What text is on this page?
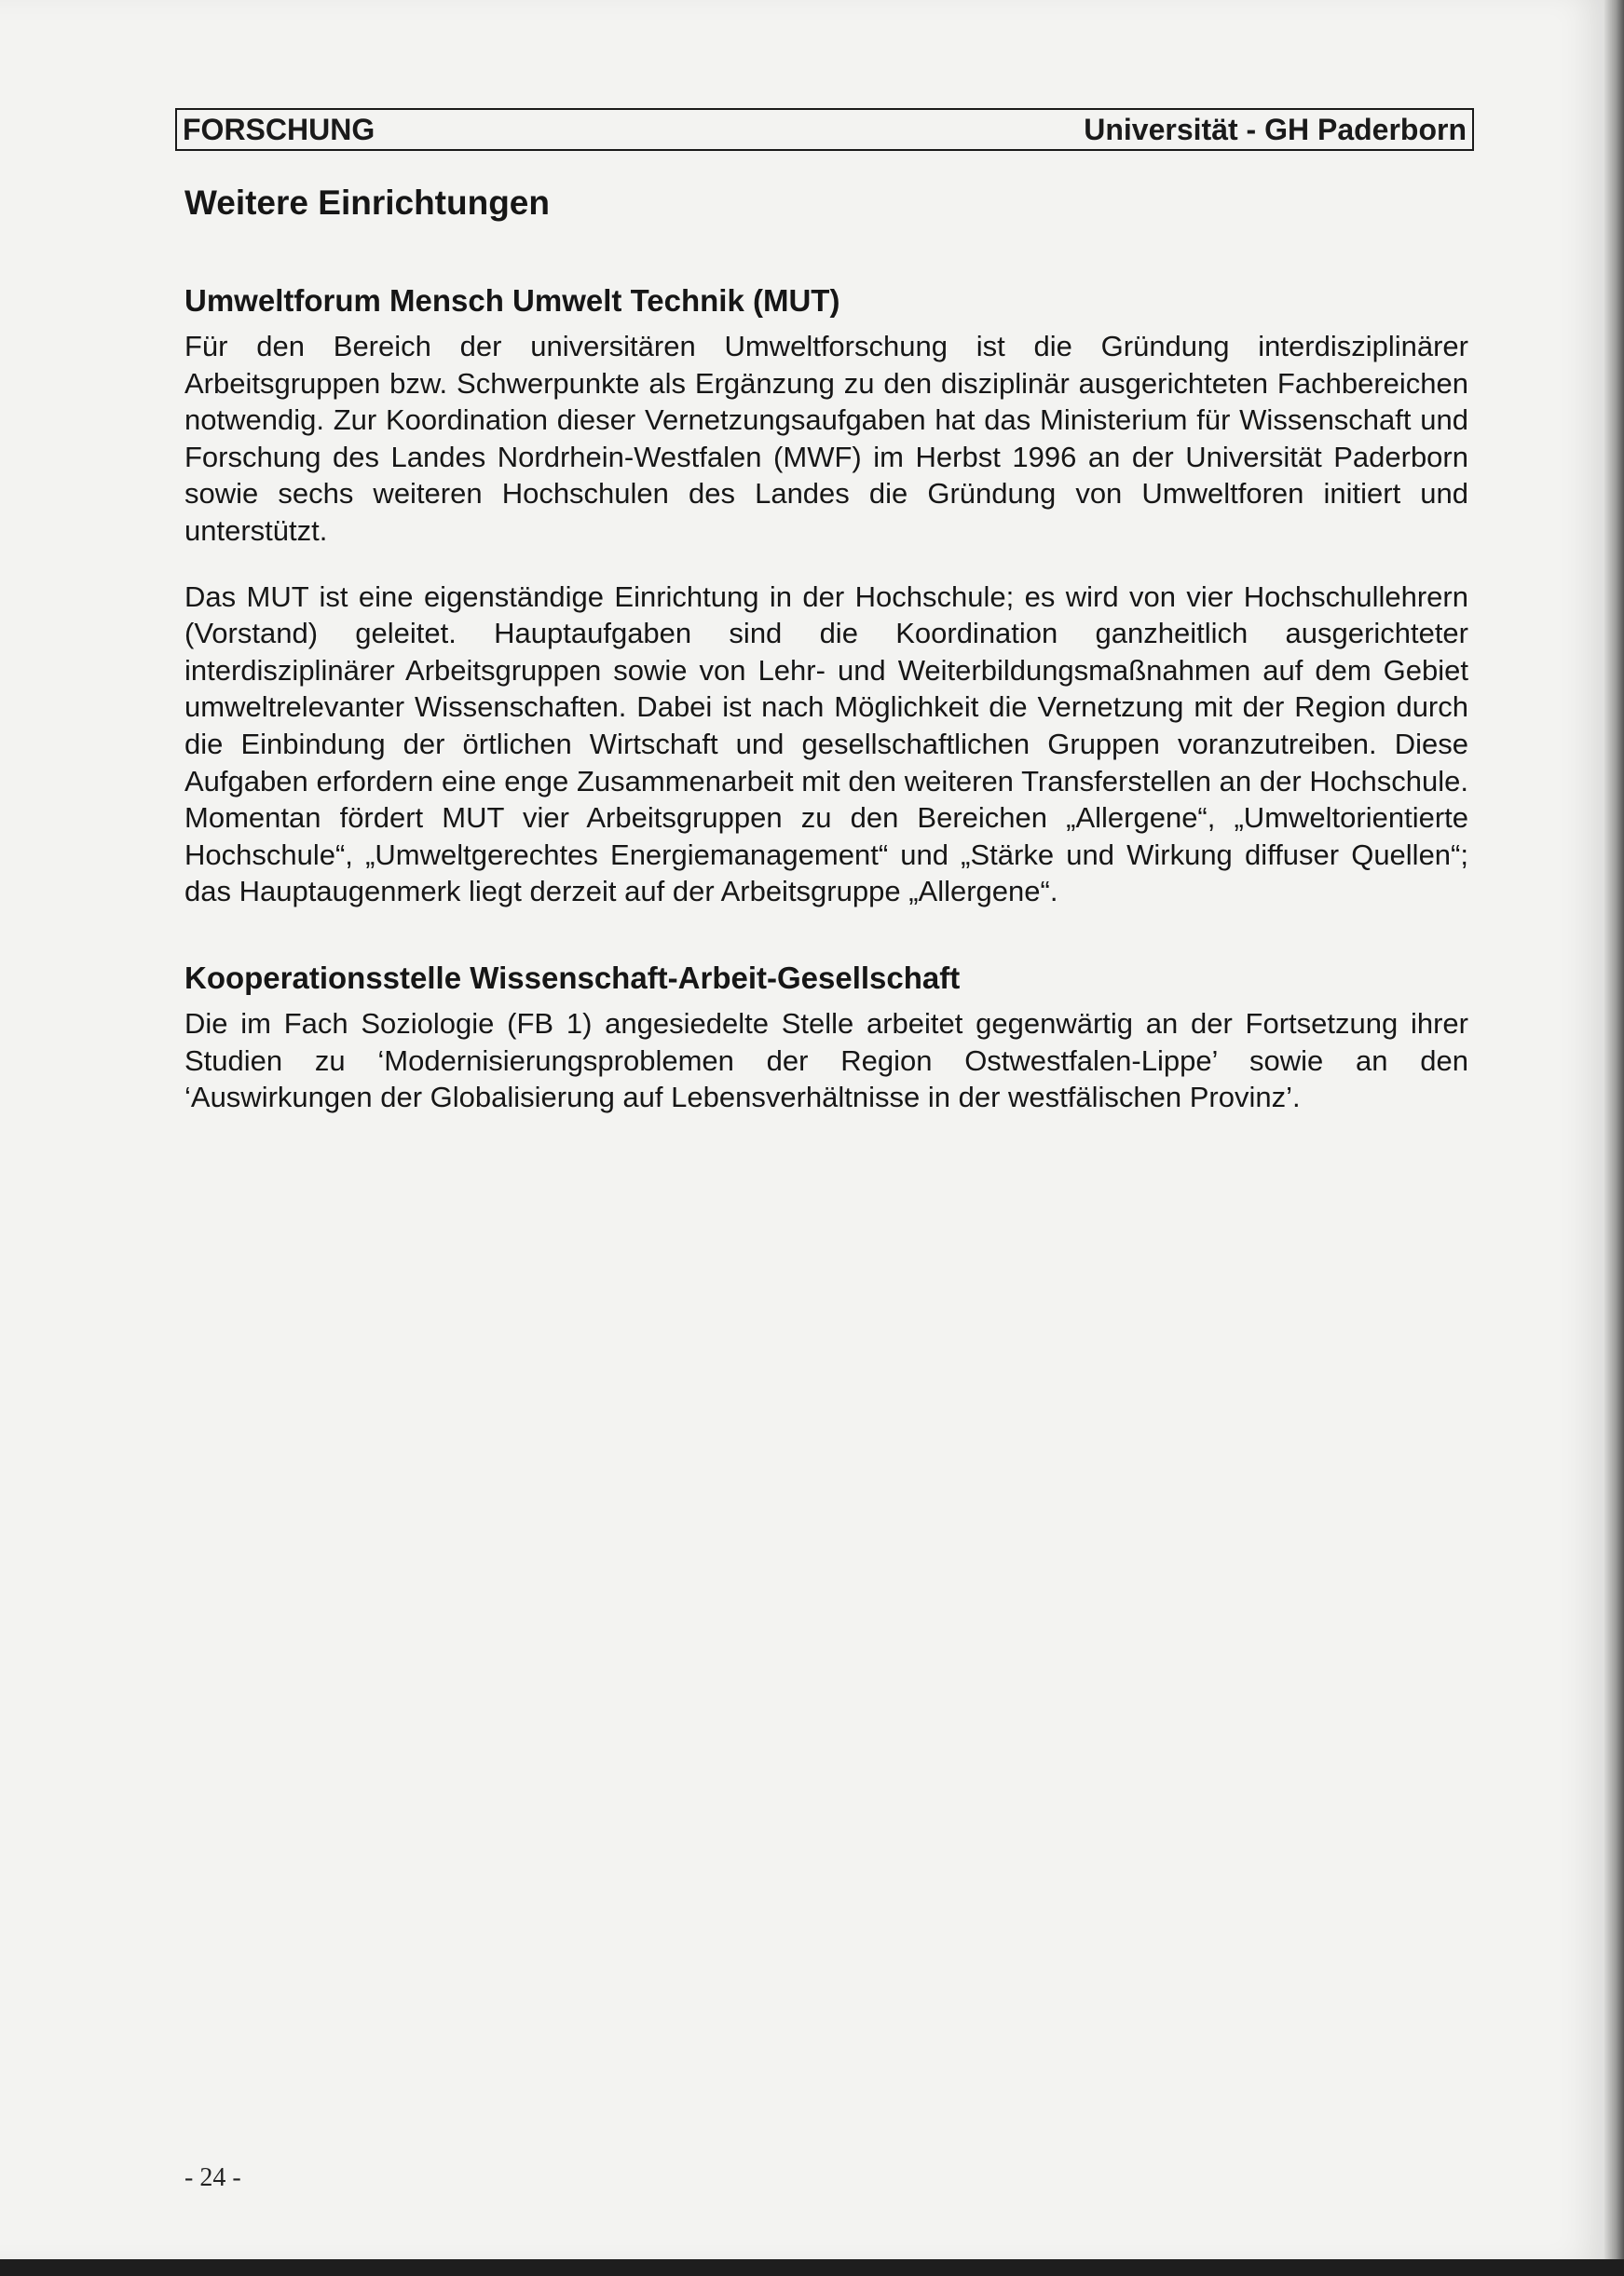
FORSCHUNG	Universität - GH Paderborn
Weitere Einrichtungen
Umweltforum Mensch Umwelt Technik (MUT)

Für den Bereich der universitären Umweltforschung ist die Gründung interdisziplinärer Arbeitsgruppen bzw. Schwerpunkte als Ergänzung zu den disziplinär ausgerichteten Fachbereichen notwendig. Zur Koordination dieser Vernetzungsaufgaben hat das Ministerium für Wissenschaft und Forschung des Landes Nordrhein-Westfalen (MWF) im Herbst 1996 an der Universität Paderborn sowie sechs weiteren Hochschulen des Landes die Gründung von Umweltforen initiert und unterstützt.

Das MUT ist eine eigenständige Einrichtung in der Hochschule; es wird von vier Hochschullehrern (Vorstand) geleitet. Hauptaufgaben sind die Koordination ganzheitlich ausgerichteter interdisziplinärer Arbeitsgruppen sowie von Lehr- und Weiterbildungsmaßnahmen auf dem Gebiet umweltrelevanter Wissenschaften. Dabei ist nach Möglichkeit die Vernetzung mit der Region durch die Einbindung der örtlichen Wirtschaft und gesellschaftlichen Gruppen voranzutreiben. Diese Aufgaben erfordern eine enge Zusammenarbeit mit den weiteren Transferstellen an der Hochschule. Momentan fördert MUT vier Arbeitsgruppen zu den Bereichen „Allergene“, „Umweltorientierte Hochschule“, „Umweltgerechtes Energiemanagement“ und „Stärke und Wirkung diffuser Quellen“; das Hauptaugenmerk liegt derzeit auf der Arbeitsgruppe „Allergene“.

Kooperationsstelle Wissenschaft-Arbeit-Gesellschaft

Die im Fach Soziologie (FB 1) angesiedelte Stelle arbeitet gegenwärtig an der Fortsetzung ihrer Studien zu ‘Modernisierungsproblemen der Region Ostwestfalen-Lippe’ sowie an den ‘Auswirkungen der Globalisierung auf Lebensverhältnisse in der westfälischen Provinz’.

- 24 -
